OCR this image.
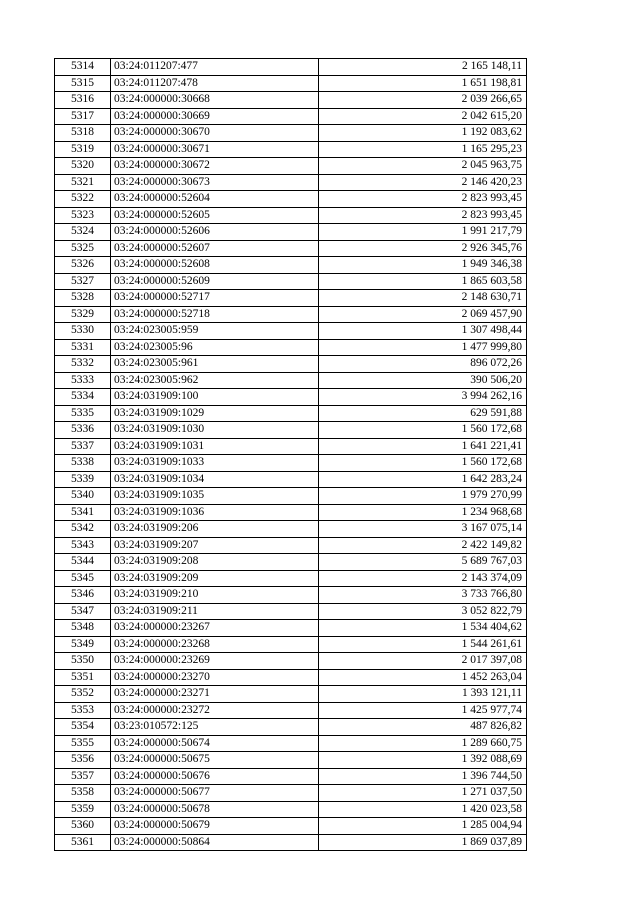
5314	03:24:011207:477	2 165 148,11
5315	03:24:011207:478	1 651 198,81
5316	03:24:000000:30668	2 039 266,65
5317	03:24:000000:30669	2 042 615,20
5318	03:24:000000:30670	1 192 083,62
5319	03:24:000000:30671	1 165 295,23
5320	03:24:000000:30672	2 045 963,75
5321	03:24:000000:30673	2 146 420,23
5322	03:24:000000:52604	2 823 993,45
5323	03:24:000000:52605	2 823 993,45
5324	03:24:000000:52606	1 991 217,79
5325	03:24:000000:52607	2 926 345,76
5326	03:24:000000:52608	1 949 346,38
5327	03:24:000000:52609	1 865 603,58
5328	03:24:000000:52717	2 148 630,71
5329	03:24:000000:52718	2 069 457,90
5330	03:24:023005:959	1 307 498,44
5331	03:24:023005:96	1 477 999,80
5332	03:24:023005:961	896 072,26
5333	03:24:023005:962	390 506,20
5334	03:24:031909:100	3 994 262,16
5335	03:24:031909:1029	629 591,88
5336	03:24:031909:1030	1 560 172,68
5337	03:24:031909:1031	1 641 221,41
5338	03:24:031909:1033	1 560 172,68
5339	03:24:031909:1034	1 642 283,24
5340	03:24:031909:1035	1 979 270,99
5341	03:24:031909:1036	1 234 968,68
5342	03:24:031909:206	3 167 075,14
5343	03:24:031909:207	2 422 149,82
5344	03:24:031909:208	5 689 767,03
5345	03:24:031909:209	2 143 374,09
5346	03:24:031909:210	3 733 766,80
5347	03:24:031909:211	3 052 822,79
5348	03:24:000000:23267	1 534 404,62
5349	03:24:000000:23268	1 544 261,61
5350	03:24:000000:23269	2 017 397,08
5351	03:24:000000:23270	1 452 263,04
5352	03:24:000000:23271	1 393 121,11
5353	03:24:000000:23272	1 425 977,74
5354	03:23:010572:125	487 826,82
5355	03:24:000000:50674	1 289 660,75
5356	03:24:000000:50675	1 392 088,69
5357	03:24:000000:50676	1 396 744,50
5358	03:24:000000:50677	1 271 037,50
5359	03:24:000000:50678	1 420 023,58
5360	03:24:000000:50679	1 285 004,94
5361	03:24:000000:50864	1 869 037,89
